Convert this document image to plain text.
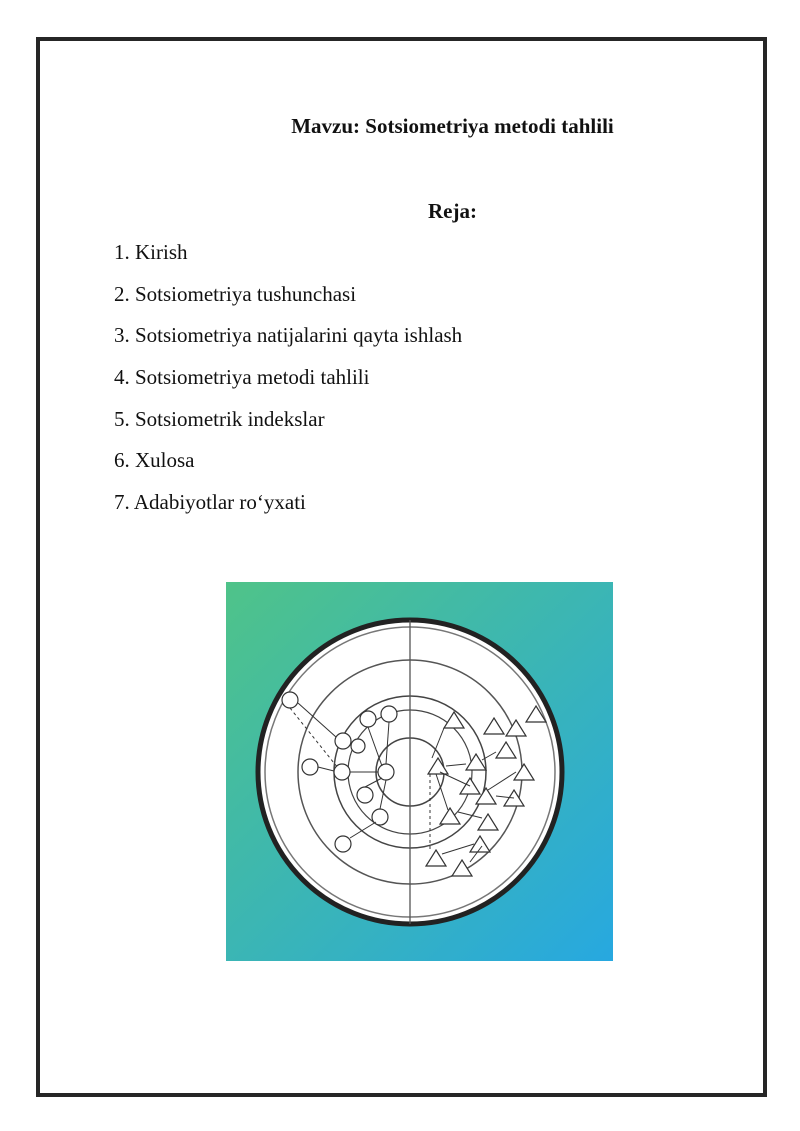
Mavzu: Sotsiometriya metodi tahlili
Reja:
1. Kirish
2. Sotsiometriya tushunchasi
3. Sotsiometriya natijalarini qayta ishlash
4. Sotsiometriya metodi tahlili
5. Sotsiometrik indekslar
6. Xulosa
7. Adabiyotlar ro‘yxati
